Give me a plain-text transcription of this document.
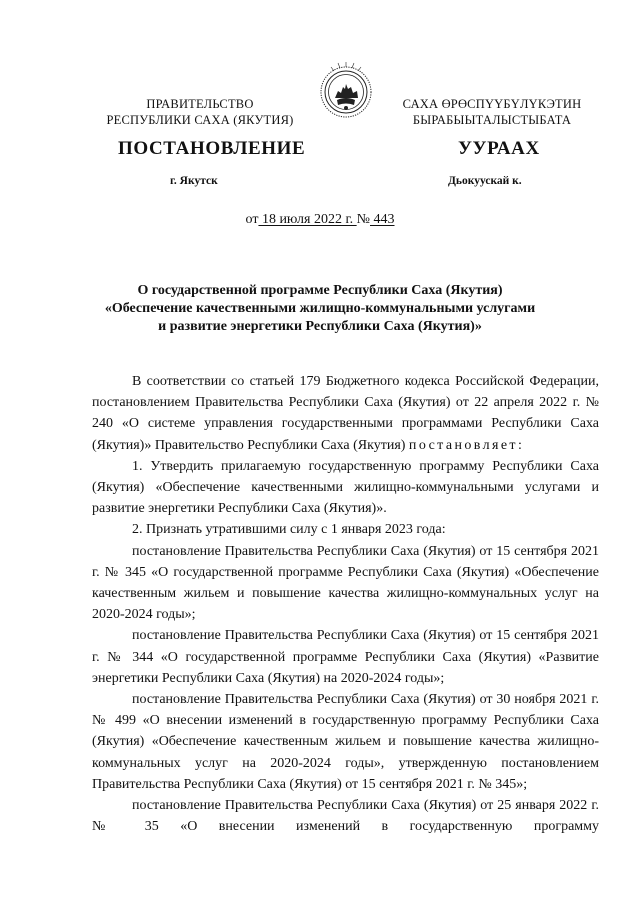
ПРАВИТЕЛЬСТВО
РЕСПУБЛИКИ САХА (ЯКУТИЯ)
САХА ӨРӨСПҮҮБҮЛҮКЭТИН
БЫРАБЫЫТАЛЫСТЫБАТА
ПОСТАНОВЛЕНИЕ	УУРААХ
г. Якутск	Дьокуускай к.
от 18 июля 2022 г. № 443
О государственной программе Республики Саха (Якутия)
«Обеспечение качественными жилищно-коммунальными услугами
и развитие энергетики Республики Саха (Якутия)»

В соответствии со статьей 179 Бюджетного кодекса Российской Федерации, постановлением Правительства Республики Саха (Якутия) от 22 апреля 2022 г. № 240 «О системе управления государственными программами Республики Саха (Якутия)» Правительство Республики Саха (Якутия) постановляет:

1. Утвердить прилагаемую государственную программу Республики Саха (Якутия) «Обеспечение качественными жилищно-коммунальными услугами и развитие энергетики Республики Саха (Якутия)».

2. Признать утратившими силу с 1 января 2023 года:

постановление Правительства Республики Саха (Якутия) от 15 сентября 2021 г. № 345 «О государственной программе Республики Саха (Якутия) «Обеспечение качественным жильем и повышение качества жилищно-коммунальных услуг на 2020-2024 годы»;

постановление Правительства Республики Саха (Якутия) от 15 сентября 2021 г. № 344 «О государственной программе Республики Саха (Якутия) «Развитие энергетики Республики Саха (Якутия) на 2020-2024 годы»;

постановление Правительства Республики Саха (Якутия) от 30 ноября 2021 г. № 499 «О внесении изменений в государственную программу Республики Саха (Якутия) «Обеспечение качественным жильем и повышение качества жилищно-коммунальных услуг на 2020-2024 годы», утвержденную постановлением Правительства Республики Саха (Якутия) от 15 сентября 2021 г. № 345»;

постановление Правительства Республики Саха (Якутия) от 25 января 2022 г. № 35 «О внесении изменений в государственную программу
